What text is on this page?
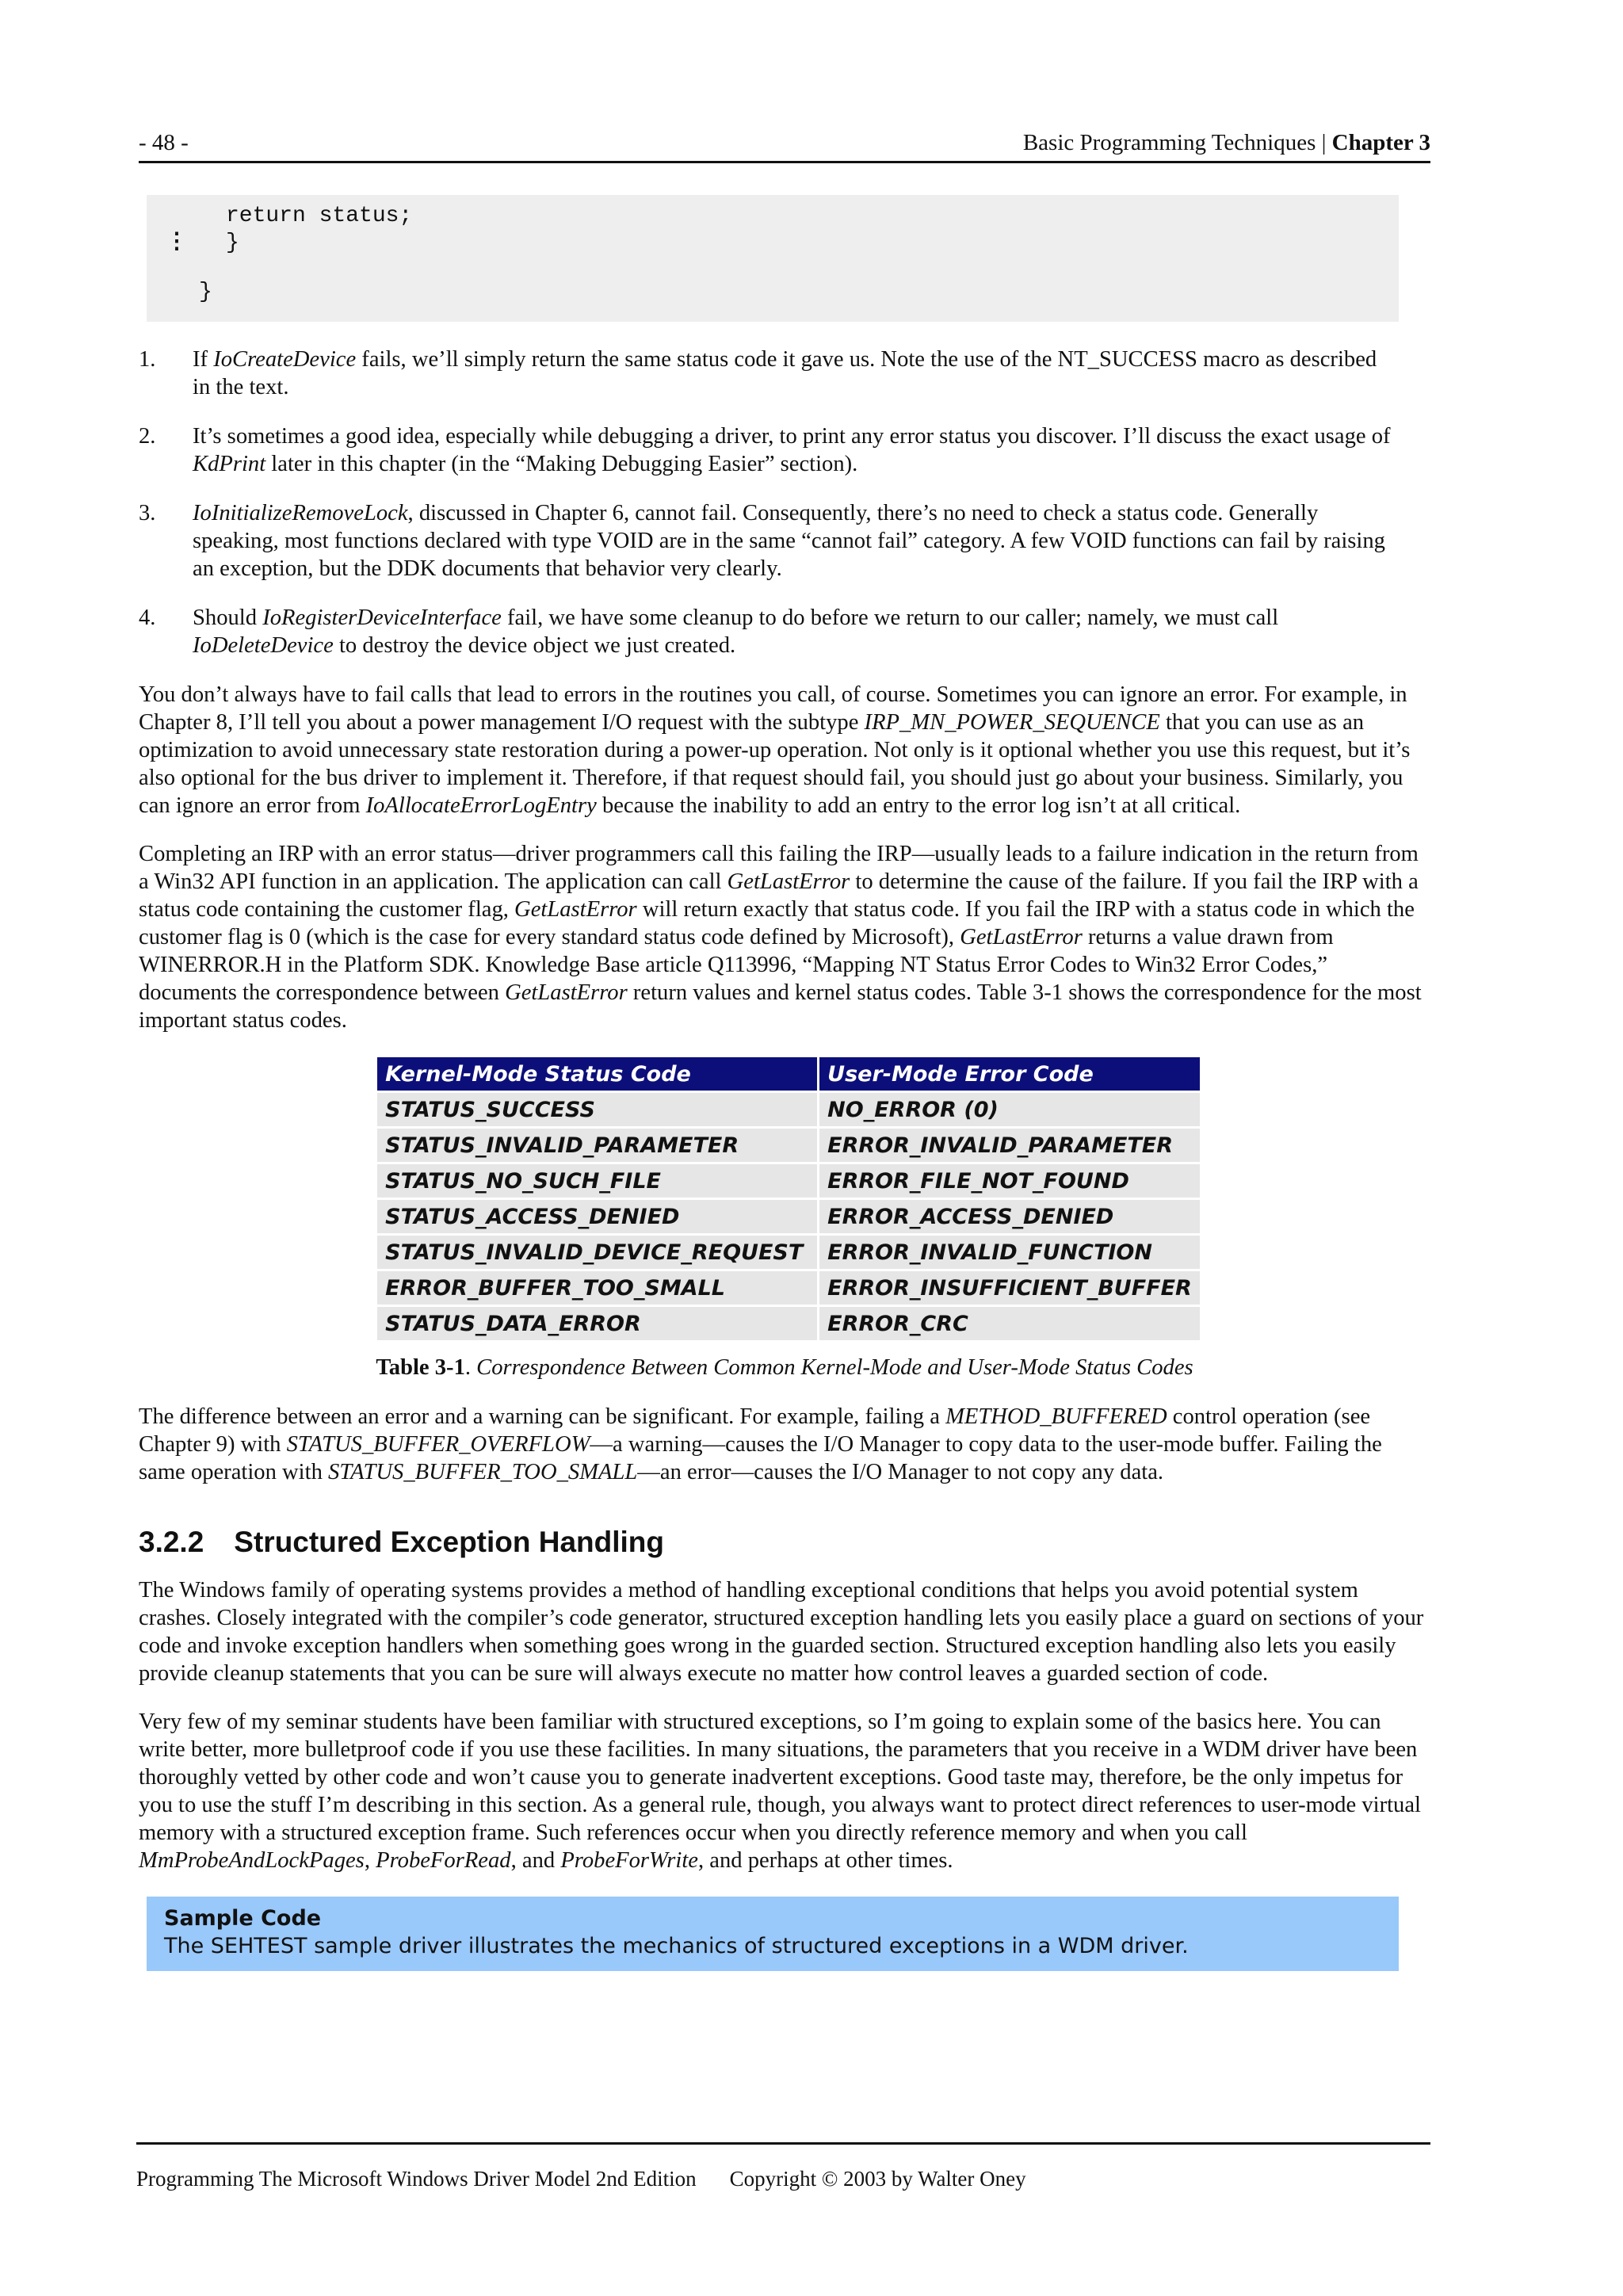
- 48 -	Basic Programming Techniques | Chapter 3
return status;
}
⋮
}
1.	If IoCreateDevice fails, we’ll simply return the same status code it gave us. Note the use of the NT_SUCCESS macro as described in the text.
2.	It’s sometimes a good idea, especially while debugging a driver, to print any error status you discover. I’ll discuss the exact usage of KdPrint later in this chapter (in the “Making Debugging Easier” section).
3.	IoInitializeRemoveLock, discussed in Chapter 6, cannot fail. Consequently, there’s no need to check a status code. Generally speaking, most functions declared with type VOID are in the same “cannot fail” category. A few VOID functions can fail by raising an exception, but the DDK documents that behavior very clearly.
4.	Should IoRegisterDeviceInterface fail, we have some cleanup to do before we return to our caller; namely, we must call IoDeleteDevice to destroy the device object we just created.

You don’t always have to fail calls that lead to errors in the routines you call, of course. Sometimes you can ignore an error. For example, in Chapter 8, I’ll tell you about a power management I/O request with the subtype IRP_MN_POWER_SEQUENCE that you can use as an optimization to avoid unnecessary state restoration during a power-up operation. Not only is it optional whether you use this request, but it’s also optional for the bus driver to implement it. Therefore, if that request should fail, you should just go about your business. Similarly, you can ignore an error from IoAllocateErrorLogEntry because the inability to add an entry to the error log isn’t at all critical.

Completing an IRP with an error status—driver programmers call this failing the IRP—usually leads to a failure indication in the return from a Win32 API function in an application. The application can call GetLastError to determine the cause of the failure. If you fail the IRP with a status code containing the customer flag, GetLastError will return exactly that status code. If you fail the IRP with a status code in which the customer flag is 0 (which is the case for every standard status code defined by Microsoft), GetLastError returns a value drawn from WINERROR.H in the Platform SDK. Knowledge Base article Q113996, “Mapping NT Status Error Codes to Win32 Error Codes,” documents the correspondence between GetLastError return values and kernel status codes. Table 3-1 shows the correspondence for the most important status codes.

Kernel-Mode Status Code	User-Mode Error Code
STATUS_SUCCESS	NO_ERROR (0)
STATUS_INVALID_PARAMETER	ERROR_INVALID_PARAMETER
STATUS_NO_SUCH_FILE	ERROR_FILE_NOT_FOUND
STATUS_ACCESS_DENIED	ERROR_ACCESS_DENIED
STATUS_INVALID_DEVICE_REQUEST	ERROR_INVALID_FUNCTION
ERROR_BUFFER_TOO_SMALL	ERROR_INSUFFICIENT_BUFFER
STATUS_DATA_ERROR	ERROR_CRC
Table 3-1. Correspondence Between Common Kernel-Mode and User-Mode Status Codes

The difference between an error and a warning can be significant. For example, failing a METHOD_BUFFERED control operation (see Chapter 9) with STATUS_BUFFER_OVERFLOW—a warning—causes the I/O Manager to copy data to the user-mode buffer. Failing the same operation with STATUS_BUFFER_TOO_SMALL—an error—causes the I/O Manager to not copy any data.

3.2.2 Structured Exception Handling

The Windows family of operating systems provides a method of handling exceptional conditions that helps you avoid potential system crashes. Closely integrated with the compiler’s code generator, structured exception handling lets you easily place a guard on sections of your code and invoke exception handlers when something goes wrong in the guarded section. Structured exception handling also lets you easily provide cleanup statements that you can be sure will always execute no matter how control leaves a guarded section of code.

Very few of my seminar students have been familiar with structured exceptions, so I’m going to explain some of the basics here. You can write better, more bulletproof code if you use these facilities. In many situations, the parameters that you receive in a WDM driver have been thoroughly vetted by other code and won’t cause you to generate inadvertent exceptions. Good taste may, therefore, be the only impetus for you to use the stuff I’m describing in this section. As a general rule, though, you always want to protect direct references to user-mode virtual memory with a structured exception frame. Such references occur when you directly reference memory and when you call MmProbeAndLockPages, ProbeForRead, and ProbeForWrite, and perhaps at other times.

Sample Code
The SEHTEST sample driver illustrates the mechanics of structured exceptions in a WDM driver.
Programming The Microsoft Windows Driver Model 2nd Edition Copyright © 2003 by Walter Oney
